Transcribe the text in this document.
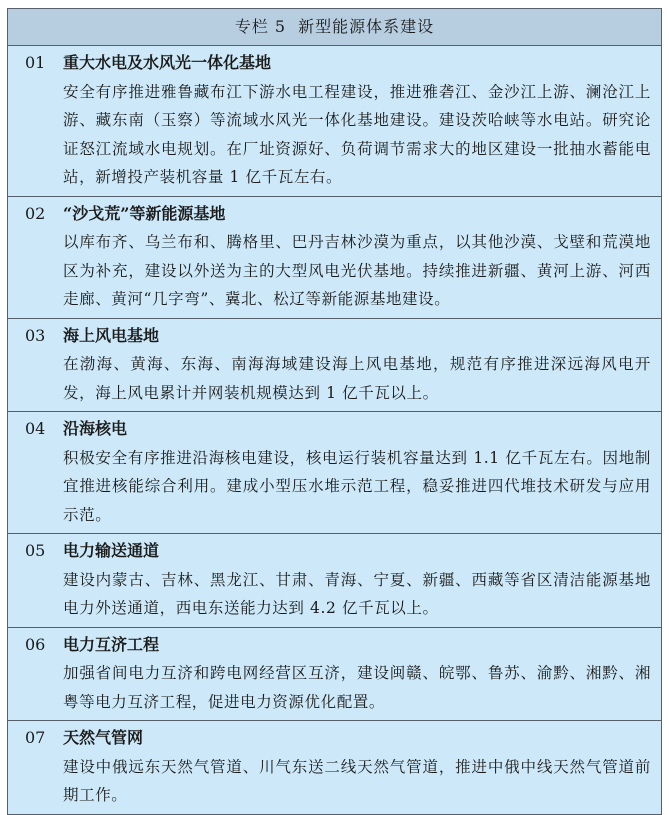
专栏 5 新型能源体系建设
01	重大水电及水风光一体化基地
安全有序推进雅鲁藏布江下游水电工程建设，推进雅砻江、金沙江上游、澜沧江上游、藏东南（玉察）等流域水风光一体化基地建设。建设茨哈峡等水电站。研究论证怒江流域水电规划。在厂址资源好、负荷调节需求大的地区建设一批抽水蓄能电站，新增投产装机容量 1 亿千瓦左右。
02	“沙戈荒”等新能源基地
以库布齐、乌兰布和、腾格里、巴丹吉林沙漠为重点，以其他沙漠、戈壁和荒漠地区为补充，建设以外送为主的大型风电光伏基地。持续推进新疆、黄河上游、河西走廊、黄河“几字弯”、冀北、松辽等新能源基地建设。
03	海上风电基地
在渤海、黄海、东海、南海海域建设海上风电基地，规范有序推进深远海风电开发，海上风电累计并网装机规模达到 1 亿千瓦以上。
04	沿海核电
积极安全有序推进沿海核电建设，核电运行装机容量达到 1.1 亿千瓦左右。因地制宜推进核能综合利用。建成小型压水堆示范工程，稳妥推进四代堆技术研发与应用示范。
05	电力输送通道
建设内蒙古、吉林、黑龙江、甘肃、青海、宁夏、新疆、西藏等省区清洁能源基地电力外送通道，西电东送能力达到 4.2 亿千瓦以上。
06	电力互济工程
加强省间电力互济和跨电网经营区互济，建设闽赣、皖鄂、鲁苏、渝黔、湘黔、湘粤等电力互济工程，促进电力资源优化配置。
07	天然气管网
建设中俄远东天然气管道、川气东送二线天然气管道，推进中俄中线天然气管道前期工作。
